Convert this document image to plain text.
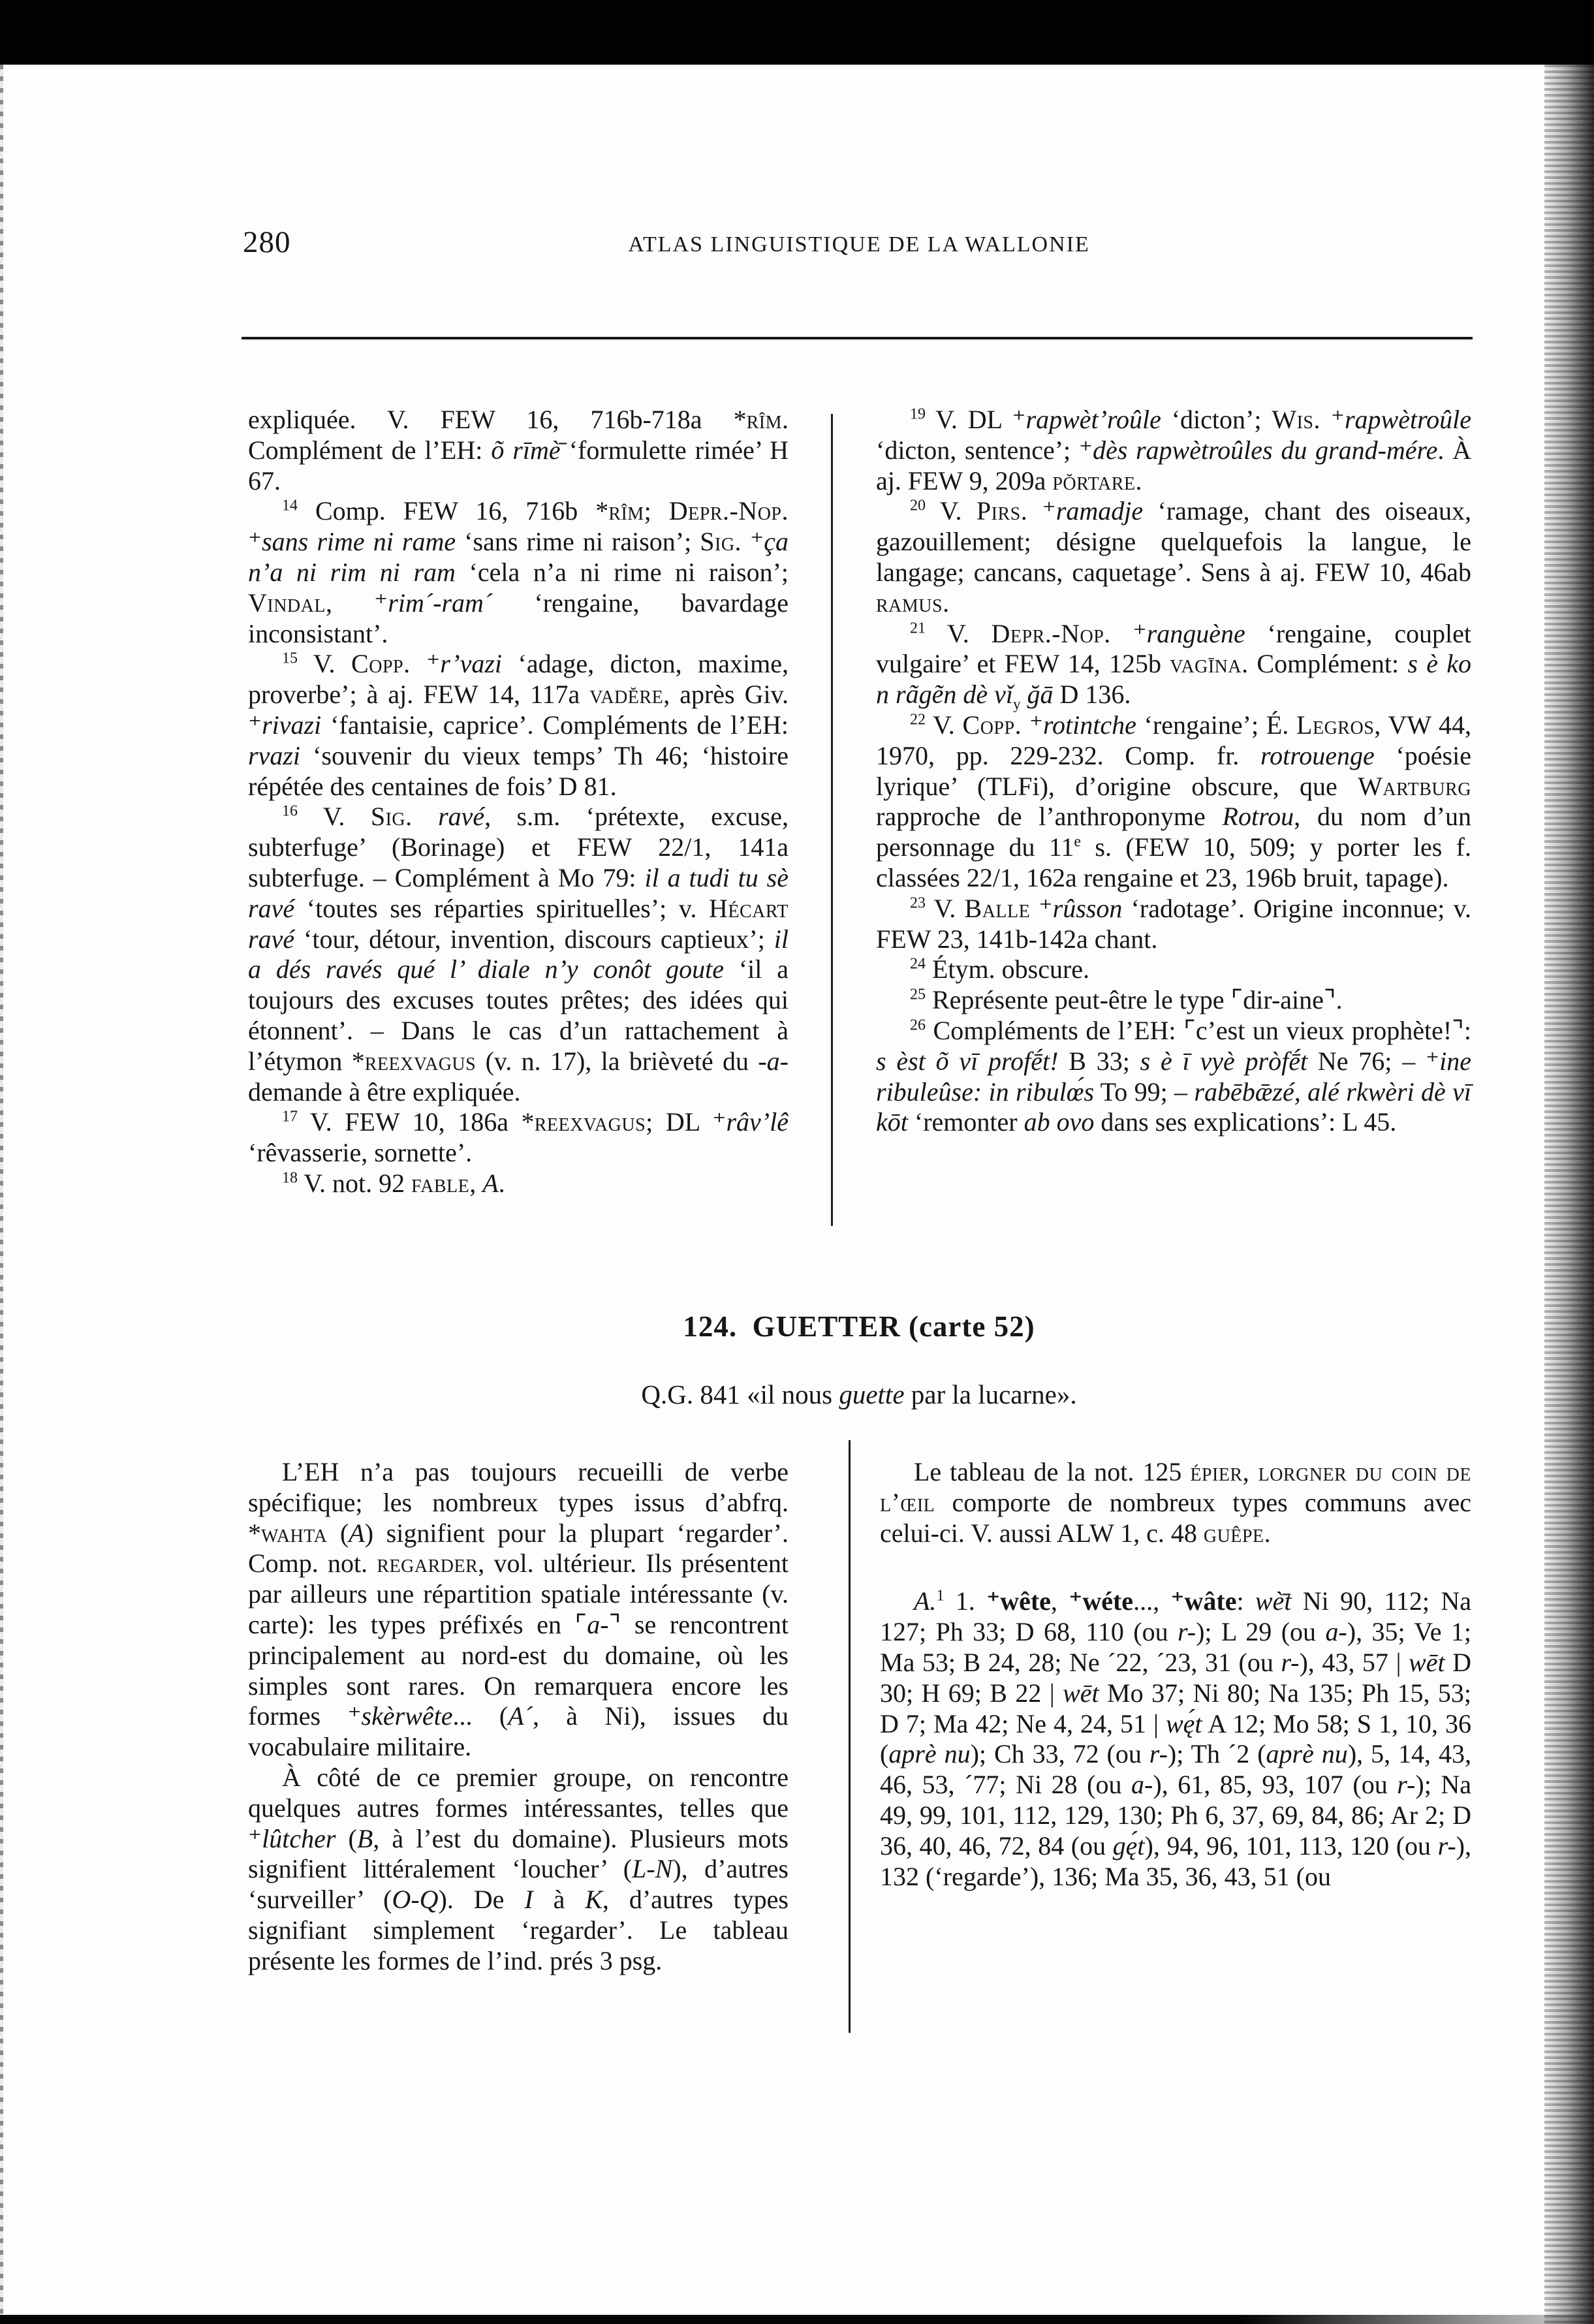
280	ATLAS LINGUISTIQUE DE LA WALLONIE
expliquée. V. FEW 16, 716b-718a *rîm. Complément de l’EH: õ rīmè̄ ‘formulette rimée’ H 67.
$^{14}$ Comp. FEW 16, 716b *rîm; Depr.-Nop. ⁺sans rime ni rame ‘sans rime ni raison’; Sig. ⁺ça n’a ni rim ni ram ‘cela n’a ni rime ni raison’; Vindal, ⁺rim´-ram´ ‘rengaine, bavardage inconsistant’.
$^{15}$ V. Copp. ⁺r’vazi ‘adage, dicton, maxime, proverbe’; à aj. FEW 14, 117a vadĕre, après Giv. ⁺rivazi ‘fantaisie, caprice’. Compléments de l’EH: rvazi ‘souvenir du vieux temps’ Th 46; ‘histoire répétée des centaines de fois’ D 81.
$^{16}$ V. Sig. ravé, s.m. ‘prétexte, excuse, subterfuge’ (Borinage) et FEW 22/1, 141a subterfuge. – Complément à Mo 79: il a tudi tu sè ravé ‘toutes ses réparties spirituelles’; v. Hécart ravé ‘tour, détour, invention, discours captieux’; il a dés ravés qué l’ diale n’y conôt goute ‘il a toujours des excuses toutes prêtes; des idées qui étonnent’. – Dans le cas d’un rattachement à l’étymon *reexvagus (v. n. 17), la brièveté du -a- demande à être expliquée.
$^{17}$ V. FEW 10, 186a *reexvagus; DL ⁺râv’lê ‘rêvasserie, sornette’.
$^{18}$ V. not. 92 fable, A.
$^{19}$ V. DL ⁺rapwèt’roûle ‘dicton’; Wis. ⁺rapwètroûle ‘dicton, sentence’; ⁺dès rapwètroûles du grand-mére. À aj. FEW 9, 209a pŏrtare.
$^{20}$ V. Pirs. ⁺ramadje ‘ramage, chant des oiseaux, gazouillement; désigne quelquefois la langue, le langage; cancans, caquetage’. Sens à aj. FEW 10, 46ab ramus.
$^{21}$ V. Depr.-Nop. ⁺ranguène ‘rengaine, couplet vulgaire’ et FEW 14, 125b vagīna. Complément: s è ko n rãgẽn dè $vǐ_y$ ğā D 136.
$^{22}$ V. Copp. ⁺rotintche ‘rengaine’; É. Legros, VW 44, 1970, pp. 229-232. Comp. fr. rotrouenge ‘poésie lyrique’ (TLFi), d’origine obscure, que Wartburg rapproche de l’anthroponyme Rotrou, du nom d’un personnage du 11e s. (FEW 10, 509; y porter les f. classées 22/1, 162a rengaine et 23, 196b bruit, tapage).
$^{23}$ V. Balle ⁺rûsson ‘radotage’. Origine inconnue; v. FEW 23, 141b-142a chant.
$^{24}$ Étym. obscure.
$^{25}$ Représente peut-être le type ⌜dir-aine⌝.
$^{26}$ Compléments de l’EH: ⌜c’est un vieux prophète!⌝: s èst õ vī profḗt! B 33; s è ī vyè pròfḗt Ne 76; – ⁺ine ribuleûse: in ribulœ́s To 99; – rabēbǣzé, alé rkwèri dè vī kōt ‘remonter ab ovo dans ses explications’: L 45.
124. GUETTER (carte 52)
Q.G. 841 «il nous guette par la lucarne».
L’EH n’a pas toujours recueilli de verbe spécifique; les nombreux types issus d’abfrq. *wahta (A) signifient pour la plupart ‘regarder’. Comp. not. regarder, vol. ultérieur. Ils présentent par ailleurs une répartition spatiale intéressante (v. carte): les types préfixés en ⌜a-⌝ se rencontrent principalement au nord-est du domaine, où les simples sont rares. On remarquera encore les formes ⁺skèrwête... (A´, à Ni), issues du vocabulaire militaire.
À côté de ce premier groupe, on rencontre quelques autres formes intéressantes, telles que ⁺lûtcher (B, à l’est du domaine). Plusieurs mots signifient littéralement ‘loucher’ (L-N), d’autres ‘surveiller’ (O-Q). De I à K, d’autres types signifiant simplement ‘regarder’. Le tableau présente les formes de l’ind. prés 3 psg.
Le tableau de la not. 125 épier, lorgner du coin de l’œil comporte de nombreux types communs avec celui-ci. V. aussi ALW 1, c. 48 guêpe.
A.$^1$ 1. ⁺wête, ⁺wéte..., ⁺wâte: wè̄t Ni 90, 112; Na 127; Ph 33; D 68, 110 (ou r-); L 29 (ou a-), 35; Ve 1; Ma 53; B 24, 28; Ne ´22, ´23, 31 (ou r-), 43, 57 | wēt D 30; H 69; B 22 | wēt Mo 37; Ni 80; Na 135; Ph 15, 53; D 7; Ma 42; Ne 4, 24, 51 | wę́t A 12; Mo 58; S 1, 10, 36 (aprè nu); Ch 33, 72 (ou r-); Th ´2 (aprè nu), 5, 14, 43, 46, 53, ´77; Ni 28 (ou a-), 61, 85, 93, 107 (ou r-); Na 49, 99, 101, 112, 129, 130; Ph 6, 37, 69, 84, 86; Ar 2; D 36, 40, 46, 72, 84 (ou gę́t), 94, 96, 101, 113, 120 (ou r-), 132 (‘regarde’), 136; Ma 35, 36, 43, 51 (ou
